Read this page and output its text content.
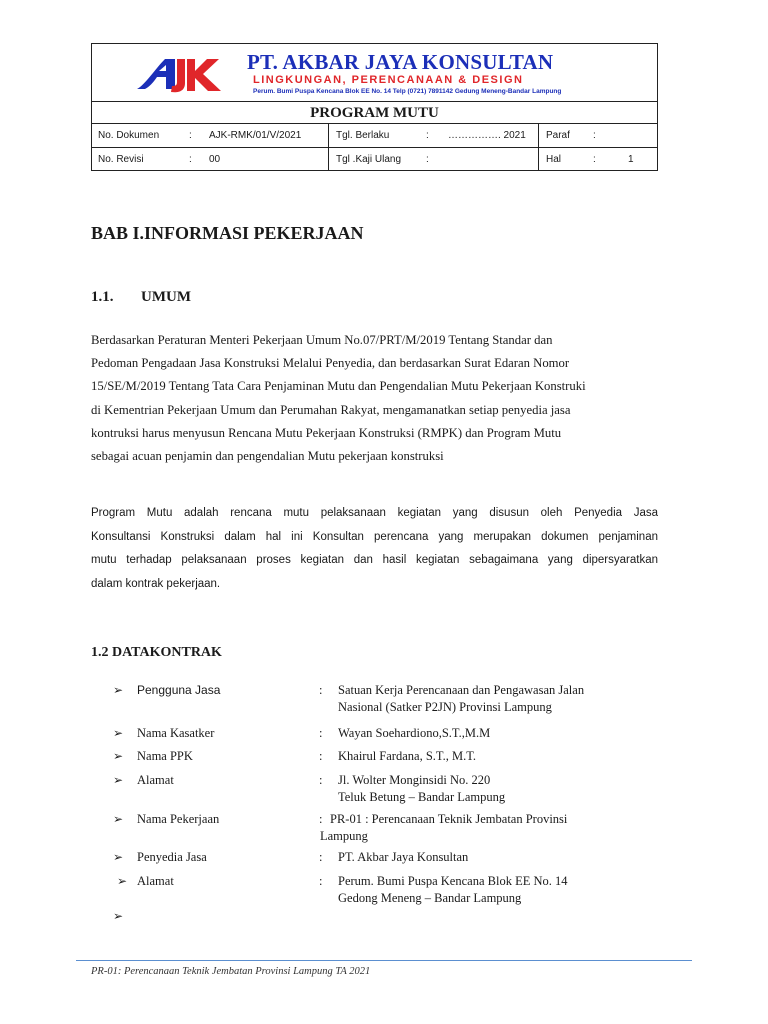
PT. AKBAR JAYA KONSULTAN
LINGKUNGAN, PERENCANAAN & DESIGN
Perum. Bumi Puspa Kencana Blok EE No. 14 Telp (0721) 7891142 Gedung Meneng-Bandar Lampung
PROGRAM MUTU
No. Dokumen	: AJK-RMK/01/V/2021	Tgl. Berlaku	: ……………. 2021 Paraf :
No. Revisi	: 00	Tgl .Kaji Ulang :	Hal	:	1
BAB I.INFORMASI PEKERJAAN
1.1. UMUM
Berdasarkan Peraturan Menteri Pekerjaan Umum No.07/PRT/M/2019 Tentang Standar dan
Pedoman Pengadaan Jasa Konstruksi Melalui Penyedia, dan berdasarkan Surat Edaran Nomor
15/SE/M/2019 Tentang Tata Cara Penjaminan Mutu dan Pengendalian Mutu Pekerjaan Konstruki
di Kementrian Pekerjaan Umum dan Perumahan Rakyat, mengamanatkan setiap penyedia jasa
kontruksi harus menyusun Rencana Mutu Pekerjaan Konstruksi (RMPK) dan Program Mutu
sebagai acuan penjamin dan pengendalian Mutu pekerjaan konstruksi
Program Mutu adalah rencana mutu pelaksanaan kegiatan yang disusun oleh Penyedia Jasa
Konsultansi Konstruksi dalam hal ini Konsultan perencana yang merupakan dokumen penjaminan
mutu terhadap pelaksanaan proses kegiatan dan hasil kegiatan sebagaimana yang dipersyaratkan
dalam kontrak pekerjaan.
1.2 DATAKONTRAK
➢ Pengguna Jasa	: Satuan Kerja Perencanaan dan Pengawasan Jalan
Nasional (Satker P2JN) Provinsi Lampung
➢ Nama Kasatker	: Wayan Soehardiono,S.T.,M.M
➢ Nama PPK	: Khairul Fardana, S.T., M.T.
➢ Alamat	: Jl. Wolter Monginsidi No. 220
Teluk Betung – Bandar Lampung
➢ Nama Pekerjaan	: PR-01 : Perencanaan Teknik Jembatan Provinsi
Lampung
➢ Penyedia Jasa	: PT. Akbar Jaya Konsultan
➢ Alamat	: Perum. Bumi Puspa Kencana Blok EE No. 14
Gedong Meneng – Bandar Lampung
➢
PR-01: Perencanaan Teknik Jembatan Provinsi Lampung TA 2021
